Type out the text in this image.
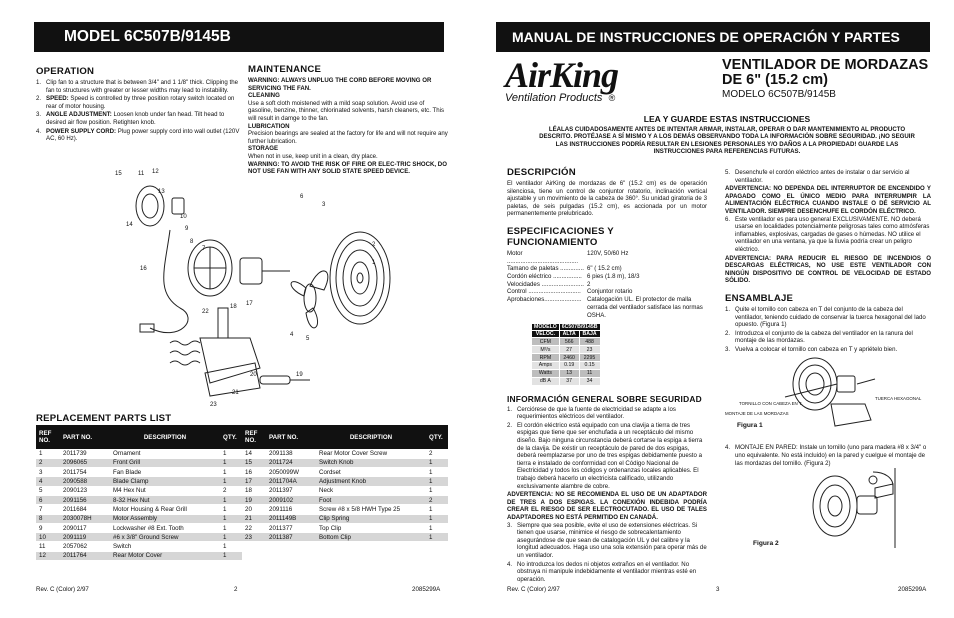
MODEL 6C507B/9145B
OPERATION
1. Clip fan to a structure that is between 3/4" and 1 1/8" thick. Clipping the fan to structures with greater or lesser widths may lead to instability.
2. SPEED: Speed is controlled by three position rotary switch located on rear of motor housing.
3. ANGLE ADJUSTMENT: Loosen knob under fan head. Tilt head to desired air flow position. Retighten knob.
4. POWER SUPPLY CORD: Plug power supply cord into wall outlet (120V AC, 60 Hz).
MAINTENANCE
WARNING: ALWAYS UNPLUG THE CORD BEFORE MOVING OR SERVICING THE FAN.
CLEANING
Use a soft cloth moistened with a mild soap solution. Avoid use of gasoline, benzine, thinner, chlorinated solvents, harsh cleaners, etc. This will result in damge to the fan.
LUBRICATION
Precision bearings are sealed at the factory for life and will not require any further lubrication.
STORAGE
When not in use, keep unit in a clean, dry place.
WARNING: TO AVOID THE RISK OF FIRE OR ELEC-TRIC SHOCK, DO NOT USE FAN WITH ANY SOLID STATE SPEED DEVICE.
15	11 12
13
14
10
9
8
7
6
3
2
1
4
5
16
17
22
18
20	19
21
23
REPLACEMENT PARTS LIST
REF NO.	PART NO.	DESCRIPTION	QTY.
1	2011739	Ornament	1
2	2096065	Front Grill	1
3	2011754	Fan Blade	1
4	2090588	Blade Clamp	1
5	2090123	M4 Hex Nut	2
6	2091156	8-32 Hex Nut	1
7	2011684	Motor Housing & Rear Grill	1
8	2030078H	Motor Assembly	1
9	2090117	Lockwasher #8 Ext. Tooth	1
10	2091119	#6 x 3/8" Ground Screw	1
11	2057062	Switch	1
12	2011764	Rear Motor Cover	1
REF NO.	PART NO.	DESCRIPTION	QTY.
14	2091138	Rear Motor Cover Screw	2
15	2011724	Switch Knob	1
16	2050099W	Cordset	1
17	2011704A	Adjustment Knob	1
18	2011397	Neck	1
19	2009102	Foot	2
20	2091116	Screw #8 x 5/8 HWH Type 25	1
21	2011149B	Clip Spring	1
22	2011377	Top Clip	1
23	2011387	Bottom Clip	1
Rev. C (Color) 2/97	2	2085299A
MANUAL DE INSTRUCCIONES DE OPERACIÓN Y PARTES
AirKing
Ventilation Products ®
VENTILADOR DE MORDAZAS
DE 6" (15.2 cm)
MODELO 6C507B/9145B
LEA Y GUARDE ESTAS INSTRUCCIONES
LÉALAS CUIDADOSAMENTE ANTES DE INTENTAR ARMAR, INSTALAR, OPERAR O DAR MANTENIMIENTO AL PRODUCTO DESCRITO. PROTÉJASE A SÍ MISMO Y A LOS DEMÁS OBSERVANDO TODA LA INFORMACIÓN SOBRE SEGURIDAD. ¡NO SEGUIR LAS INSTRUCCIONES PODRÍA RESULTAR EN LESIONES PERSONALES Y/O DAÑOS A LA PROPIEDAD! GUARDE LAS INSTRUCCIONES PARA REFERENCIAS FUTURAS.
DESCRIPCIÓN
El ventilador AirKing de mordazas de 6" (15.2 cm) es de operación silenciosa, tiene un control de conjuntor rotatorio, inclinación vertical ajustable y un movimiento de la cabeza de 360°. Su unidad giratoria de 3 paletas, de seis pulgadas (15.2 cm), es accionada por un motor permanentemente prelubricado.
ESPECIFICACIONES Y FUNCIONAMIENTO
Motor ..........................................
120V, 50/60 Hz
Tamano de paletas .............. 6" ( 15.2 cm)
Cordón eléctrico ................. 6 pies (1.8 m), 18/3
Velocidades ......................... 2
Control ...............................	Conjuntor rotario
Aprobaciones...................... Catalogación UL. El protector de malla cerrada del ventilador satisface las normas OSHA.
MODELO	6C507B/9145B	
VELOC.	ALTA	BAJA
CFM	566	488
M³/s	27	23
RPM	2460	2295
Amps	0.19	0.15
Watts	13	11
dB A	37	34
INFORMACIÓN GENERAL SOBRE SEGURIDAD
1. Cerciórese de que la fuente de electricidad se adapte a los requerimientos eléctricos del ventilador.
2. El cordón eléctrico está equipado con una clavija a tierra de tres espigas que tiene que ser enchufada a un receptáculo del mismo diseño. Bajo ninguna circunstancia deberá cortarse la espiga a tierra de la clavija. De existir un receptáculo de pared de dos espigas, deberá reemplazarse por uno de tres espigas debidamente puesto a tierra e instalado de conformidad con el Código Nacional de Electricidad y todos los códigos y ordenanzas locales aplicables. El trabajo deberá hacerlo un electricista calificado, utilizando exclusivamente alambre de cobre.
ADVERTENCIA: NO SE RECOMIENDA EL USO DE UN ADAPTADOR DE TRES A DOS ESPIGAS. LA CONEXIÓN INDEBIDA PODRÍA CREAR EL RIESGO DE SER ELECTROCUTADO. EL USO DE TALES ADAPTADORES NO ESTÁ PERMITIDO EN CANADÁ.
3. Siempre que sea posible, evite el uso de extensiones eléctricas. Si tienen que usarse, minimice el riesgo de sobrecalentamiento asegurándose de que sean de catalogación UL y del calibre y la longitud adecuados. Haga uso una sola extensión para operar más de un ventilador.
4. No introduzca los dedos ni objetos extraños en el ventilador. No obstruya ni manipule indebidamente el ventilador mientras esté en operación.
5. Desenchufe el cordón eléctrico antes de instalar o dar servicio al ventilador.
ADVERTENCIA: NO DEPENDA DEL INTERRUPTOR DE ENCENDIDO Y APAGADO COMO EL ÚNICO MEDIO PARA INTERRUMPIR LA ALIMENTACIÓN ELÉCTRICA CUANDO INSTALE O DÉ SERVICIO AL VENTILADOR. SIEMPRE DESENCHUFE EL CORDÓN ELÉCTRICO.
6. Este ventilador es para uso general EXCLUSIVAMENTE. NO deberá usarse en localidades potencialmente peligrosas tales como atmósferas inflamables, explosivas, cargadas de gases o húmedas. NO utilice el ventilador en una ventana, ya que la lluvia podría crear un peligro eléctrico.
ADVERTENCIA: PARA REDUCIR EL RIESGO DE INCENDIOS O DESCARGAS ELÉCTRICAS, NO USE ESTE VENTILADOR CON NINGÚN DISPOSITIVO DE CONTROL DE VELOCIDAD DE ESTADO SÓLIDO.
ENSAMBLAJE
1. Quite el tornillo con cabeza en T del conjunto de la cabeza del ventilador, teniendo cuidado de conservar la tuerca hexagonal del lado opuesto. (Figura 1)
2. Introduzca el conjunto de la cabeza del ventilador en la ranura del montaje de las mordazas.
3. Vuelva a colocar el tornillo con cabeza en T y apriételo bien.
TORNILLO CON CABEZA EN T
TUERCA HEXAGONAL
MONTAJE DE LAS MORDAZAS
Figura 1
4. MONTAJE EN PARED: Instale un tornillo (uno para madera #8 x 3/4" o uno equivalente. No está incluido) en la pared y cuelgue el montaje de las mordazas del tornillo. (Figura 2)
Figura 2
Rev. C (Color) 2/97	3	2085299A
